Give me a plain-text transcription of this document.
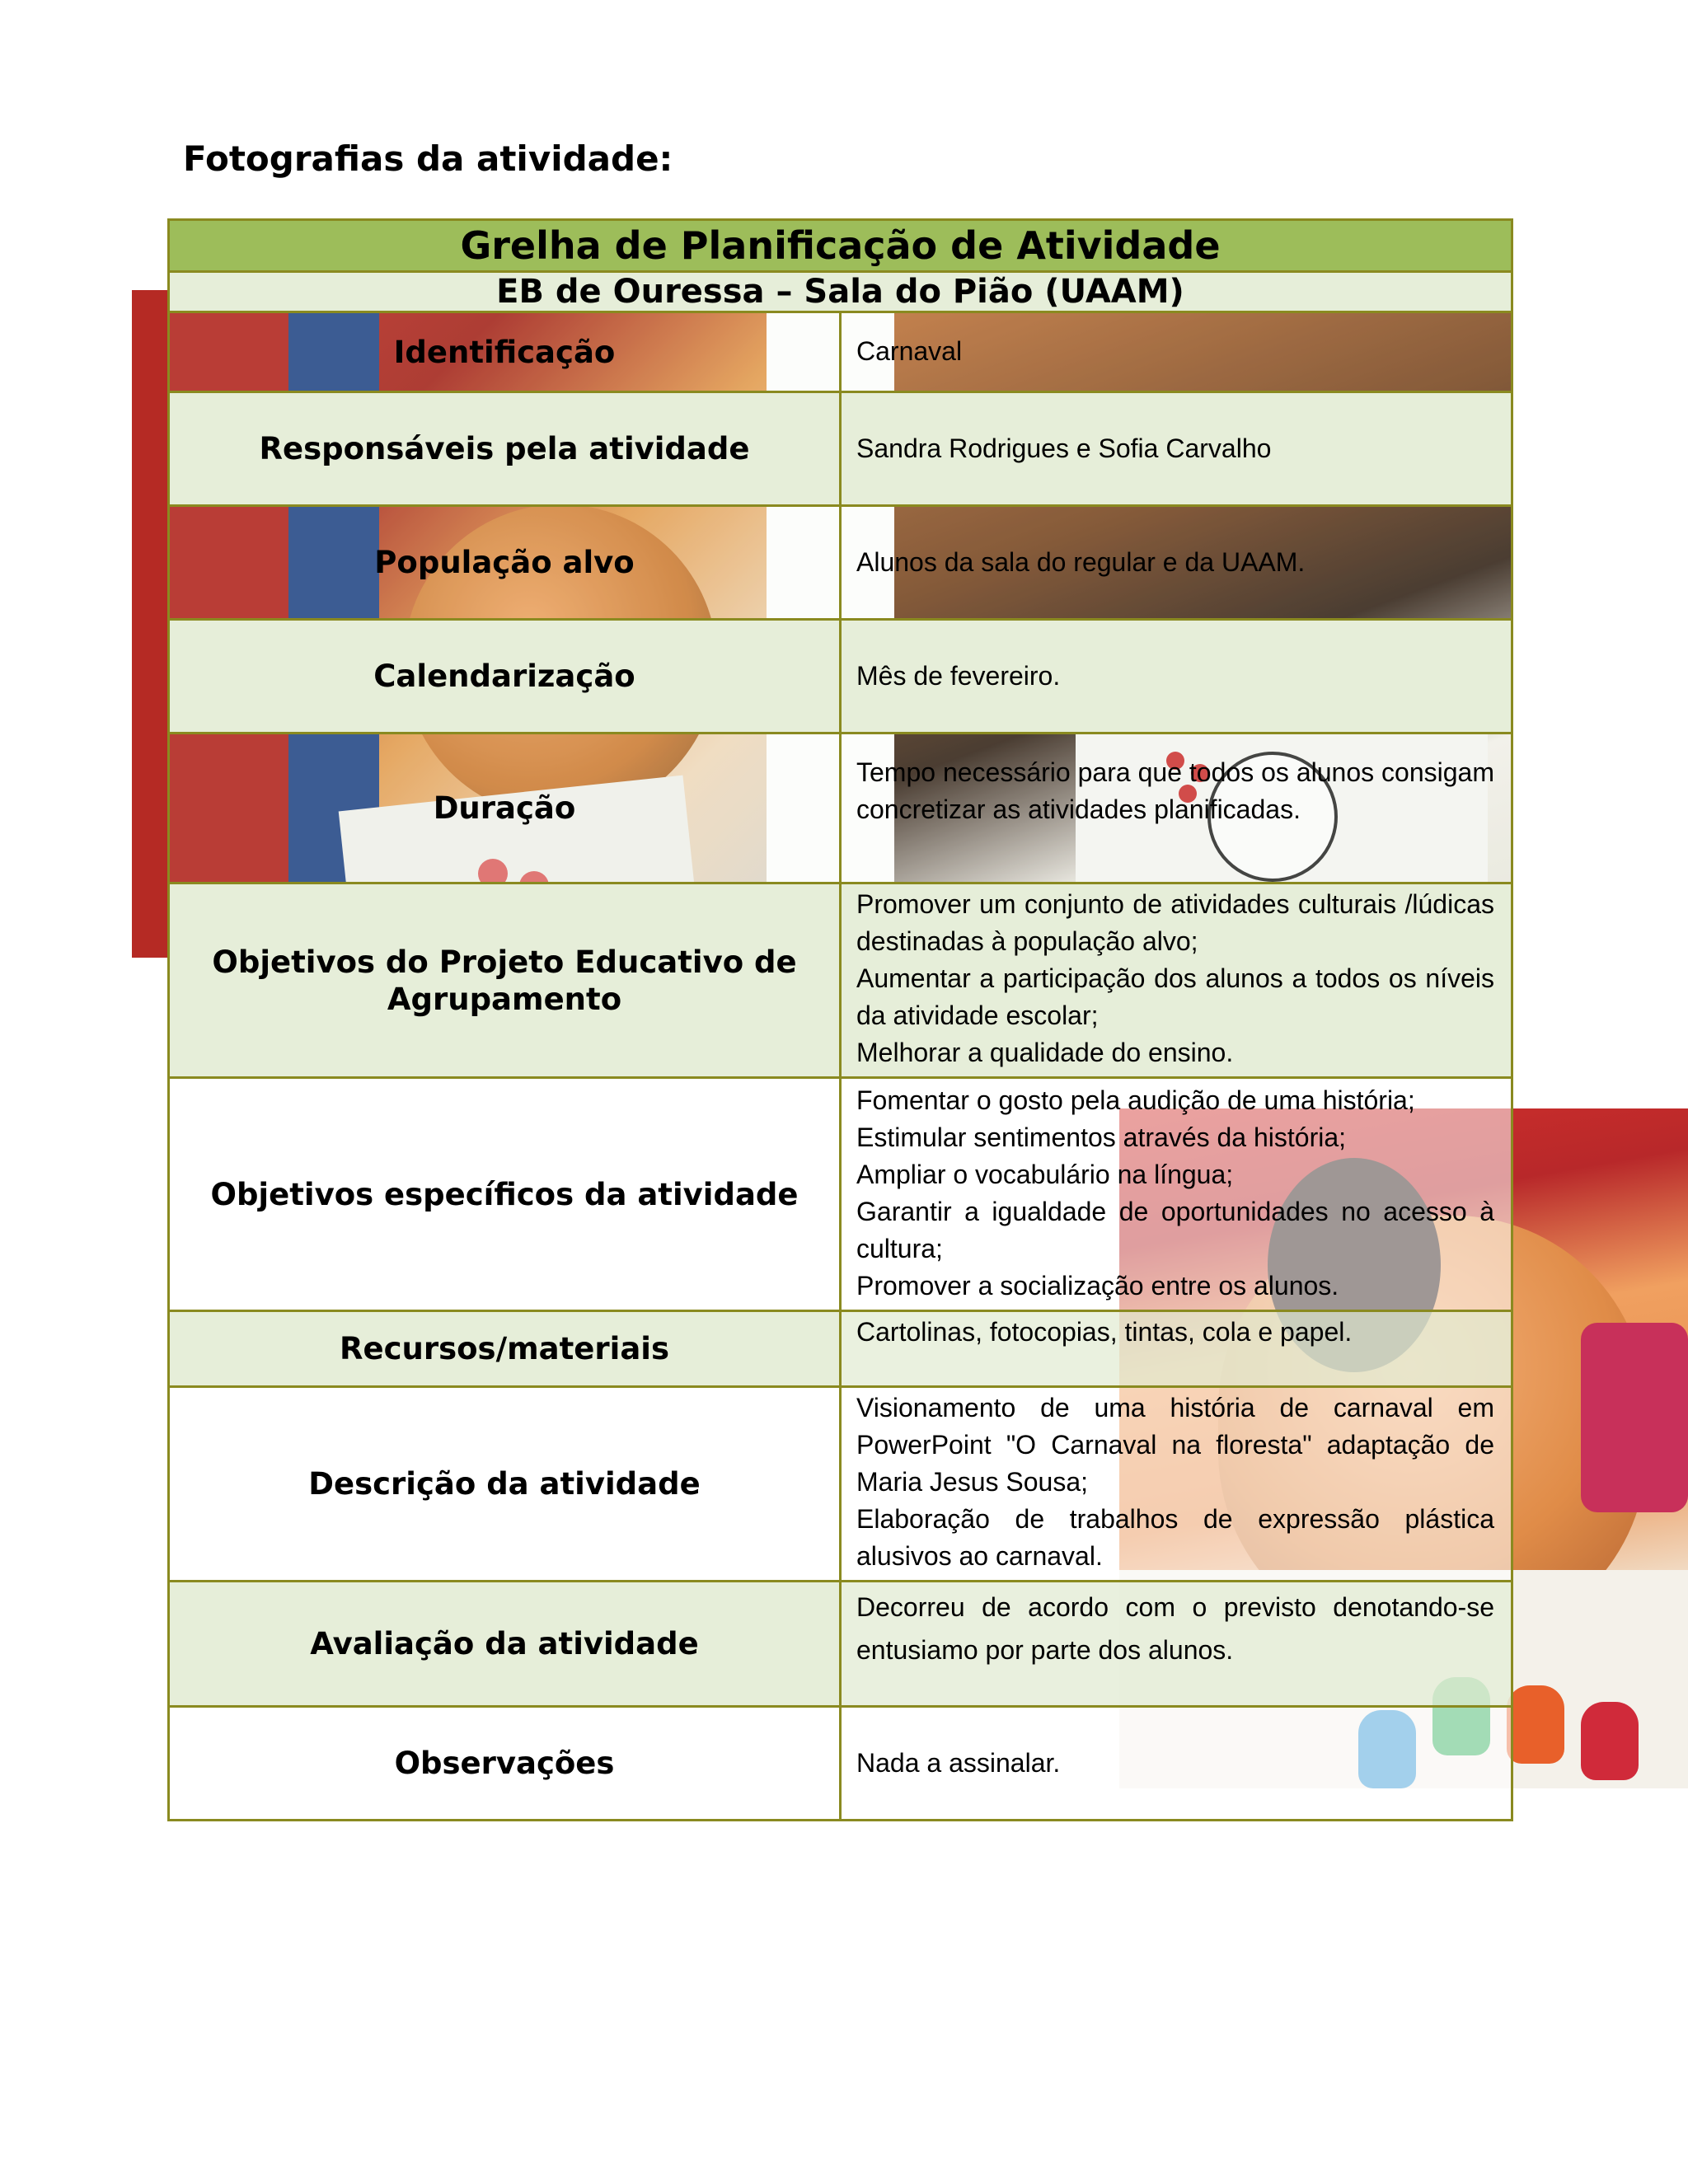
Fotografias da atividade:
Grelha de Planificação de Atividade	
EB de Ouressa – Sala do Pião (UAAM)	
Identificação	Carnaval

Responsáveis pela atividade	Sandra Rodrigues e Sofia Carvalho

População alvo	Alunos da sala do regular e da UAAM.

Calendarização	Mês de fevereiro.

Duração	Tempo necessário para que todos os alunos consigam concretizar as atividades planificadas.

Objetivos do Projeto Educativo de Agrupamento	Promover um conjunto de atividades culturais /lúdicas destinadas à população alvo;
Aumentar a participação dos alunos a todos os níveis da atividade escolar;
Melhorar a qualidade do ensino.

Objetivos específicos da atividade	Fomentar o gosto pela audição de uma história;
Estimular sentimentos através da história;
Ampliar o vocabulário na língua;
Garantir a igualdade de oportunidades no acesso à cultura;
Promover a socialização entre os alunos.

Recursos/materiais	Cartolinas, fotocopias, tintas, cola e papel.

Descrição da atividade	Visionamento de uma história de carnaval em PowerPoint "O Carnaval na floresta" adaptação de Maria Jesus Sousa;
Elaboração de trabalhos de expressão plástica alusivos ao carnaval.

Avaliação da atividade	Decorreu de acordo com o previsto denotando-se entusiamo por parte dos alunos.

Observações	Nada a assinalar.
